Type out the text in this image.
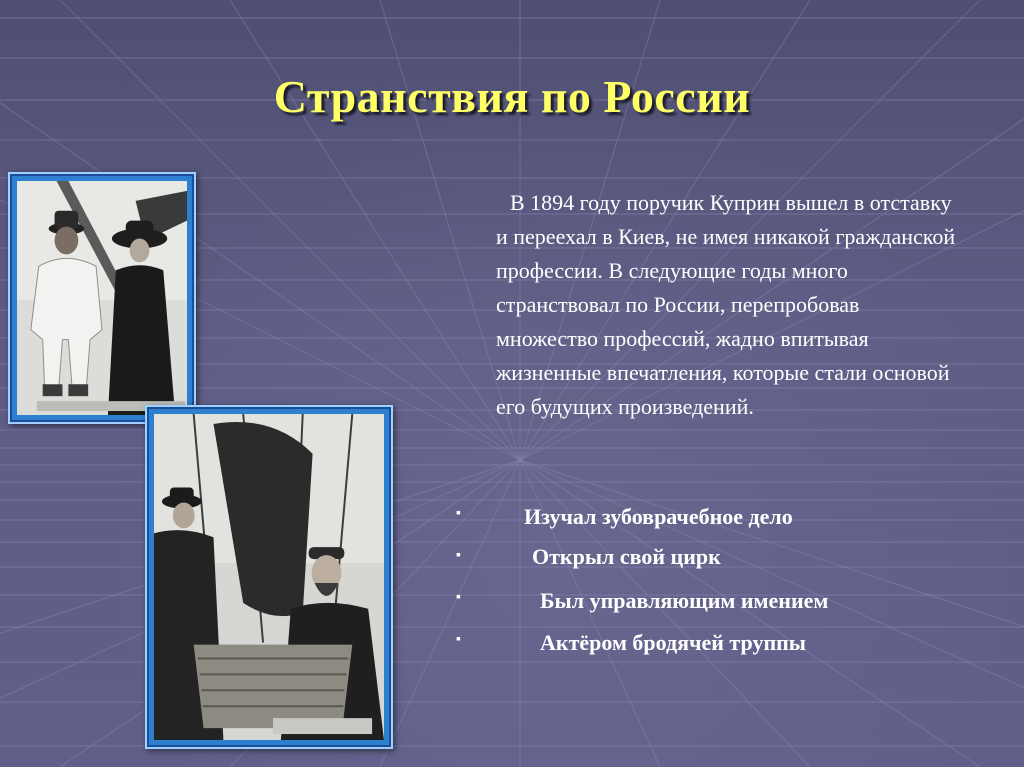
Странствия по России
В 1894 году поручик Куприн вышел в отставку и переехал в Киев, не имея никакой гражданской профессии. В следующие годы много странствовал по России, перепробовав множество профессий, жадно впитывая жизненные впечатления, которые стали основой его будущих произведений.
▪	Изучал зубоврачебное дело
▪	Открыл свой цирк
▪	Был управляющим имением
▪	Актёром бродячей труппы
